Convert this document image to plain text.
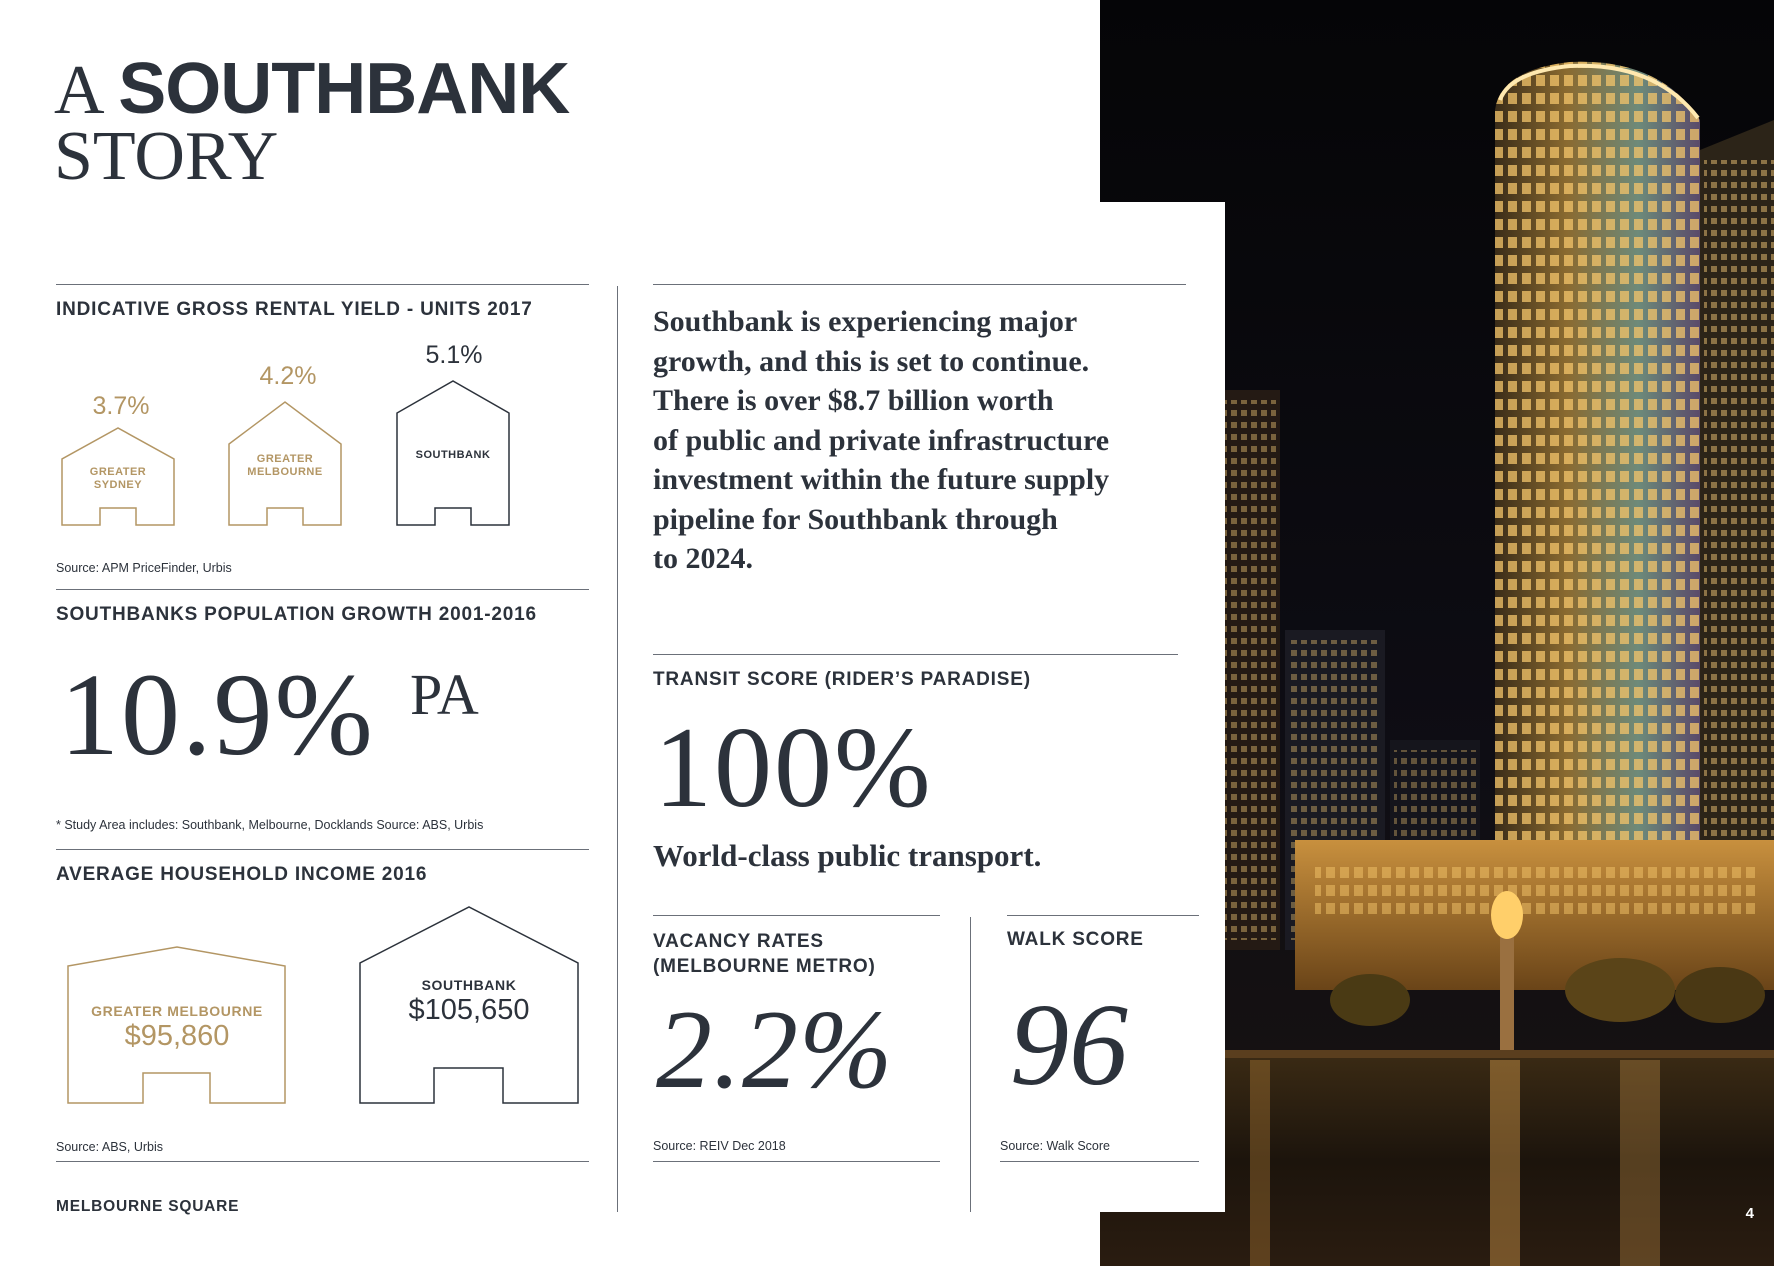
4
A SOUTHBANK
STORY
INDICATIVE GROSS RENTAL YIELD - UNITS 2017
3.7%
4.2%
5.1%
GREATER
SYDNEY
GREATER
MELBOURNE
SOUTHBANK
Source: APM PriceFinder, Urbis
SOUTHBANKS POPULATION GROWTH 2001-2016
10.9% PA
* Study Area includes: Southbank, Melbourne, Docklands Source: ABS, Urbis
AVERAGE HOUSEHOLD INCOME 2016
GREATER MELBOURNE
$95,860
SOUTHBANK
$105,650
Source: ABS, Urbis
MELBOURNE SQUARE
Southbank is experiencing major
growth, and this is set to continue.
There is over $8.7 billion worth
of public and private infrastructure
investment within the future supply
pipeline for Southbank through
to 2024.
TRANSIT SCORE (RIDER’S PARADISE)
100%
World-class public transport.
VACANCY RATES
(MELBOURNE METRO)
2.2%
Source: REIV Dec 2018
WALK SCORE
96
Source: Walk Score
